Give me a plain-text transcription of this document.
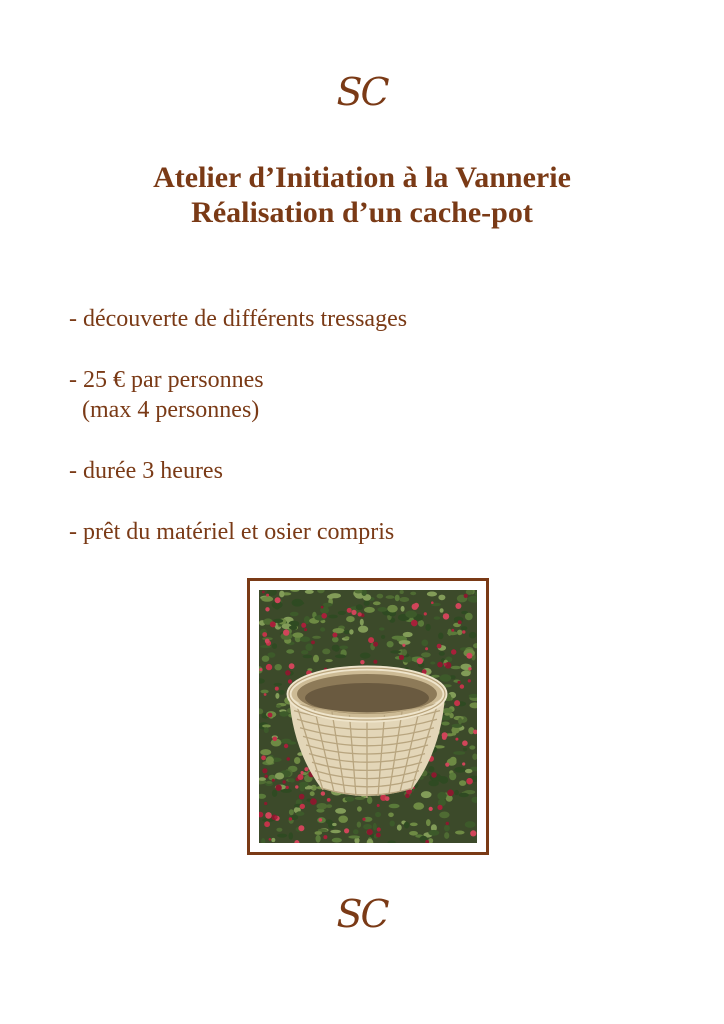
SC
Atelier d’Initiation à la Vannerie
Réalisation d’un cache-pot
- découverte de différents tressages
- 25 € par personnes
(max 4 personnes)
- durée 3 heures
- prêt du matériel et osier compris
SC
